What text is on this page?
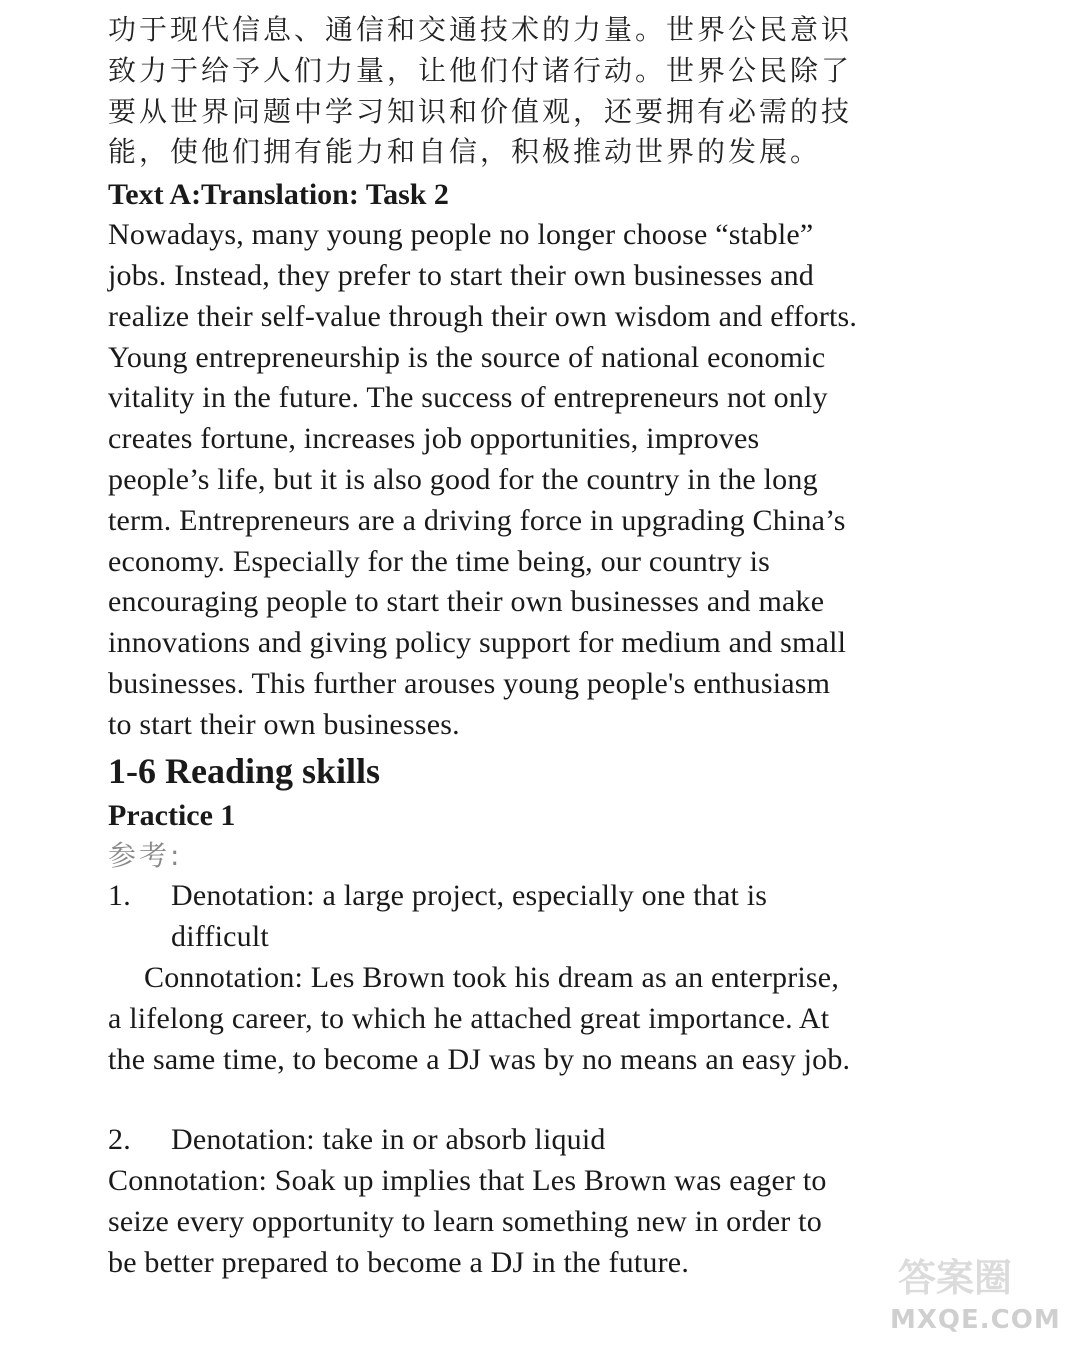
功于现代信息、通信和交通技术的力量。世界公民意识
致力于给予人们力量，让他们付诸行动。世界公民除了
要从世界问题中学习知识和价值观，还要拥有必需的技
能，使他们拥有能力和自信，积极推动世界的发展。
Text A:Translation: Task 2
Nowadays, many young people no longer choose “stable”
jobs. Instead, they prefer to start their own businesses and
realize their self-value through their own wisdom and efforts.
Young entrepreneurship is the source of national economic
vitality in the future. The success of entrepreneurs not only
creates fortune, increases job opportunities, improves
people’s life, but it is also good for the country in the long
term. Entrepreneurs are a driving force in upgrading China’s
economy. Especially for the time being, our country is
encouraging people to start their own businesses and make
innovations and giving policy support for medium and small
businesses. This further arouses young people's enthusiasm
to start their own businesses.
1-6 Reading skills
Practice 1
参考:
1.	Denotation: a large project, especially one that is
difficult
Connotation: Les Brown took his dream as an enterprise,
a lifelong career, to which he attached great importance. At
the same time, to become a DJ was by no means an easy job.
2.	Denotation: take in or absorb liquid
Connotation: Soak up implies that Les Brown was eager to
seize every opportunity to learn something new in order to
be better prepared to become a DJ in the future.	答案圈
MXQE.COM
